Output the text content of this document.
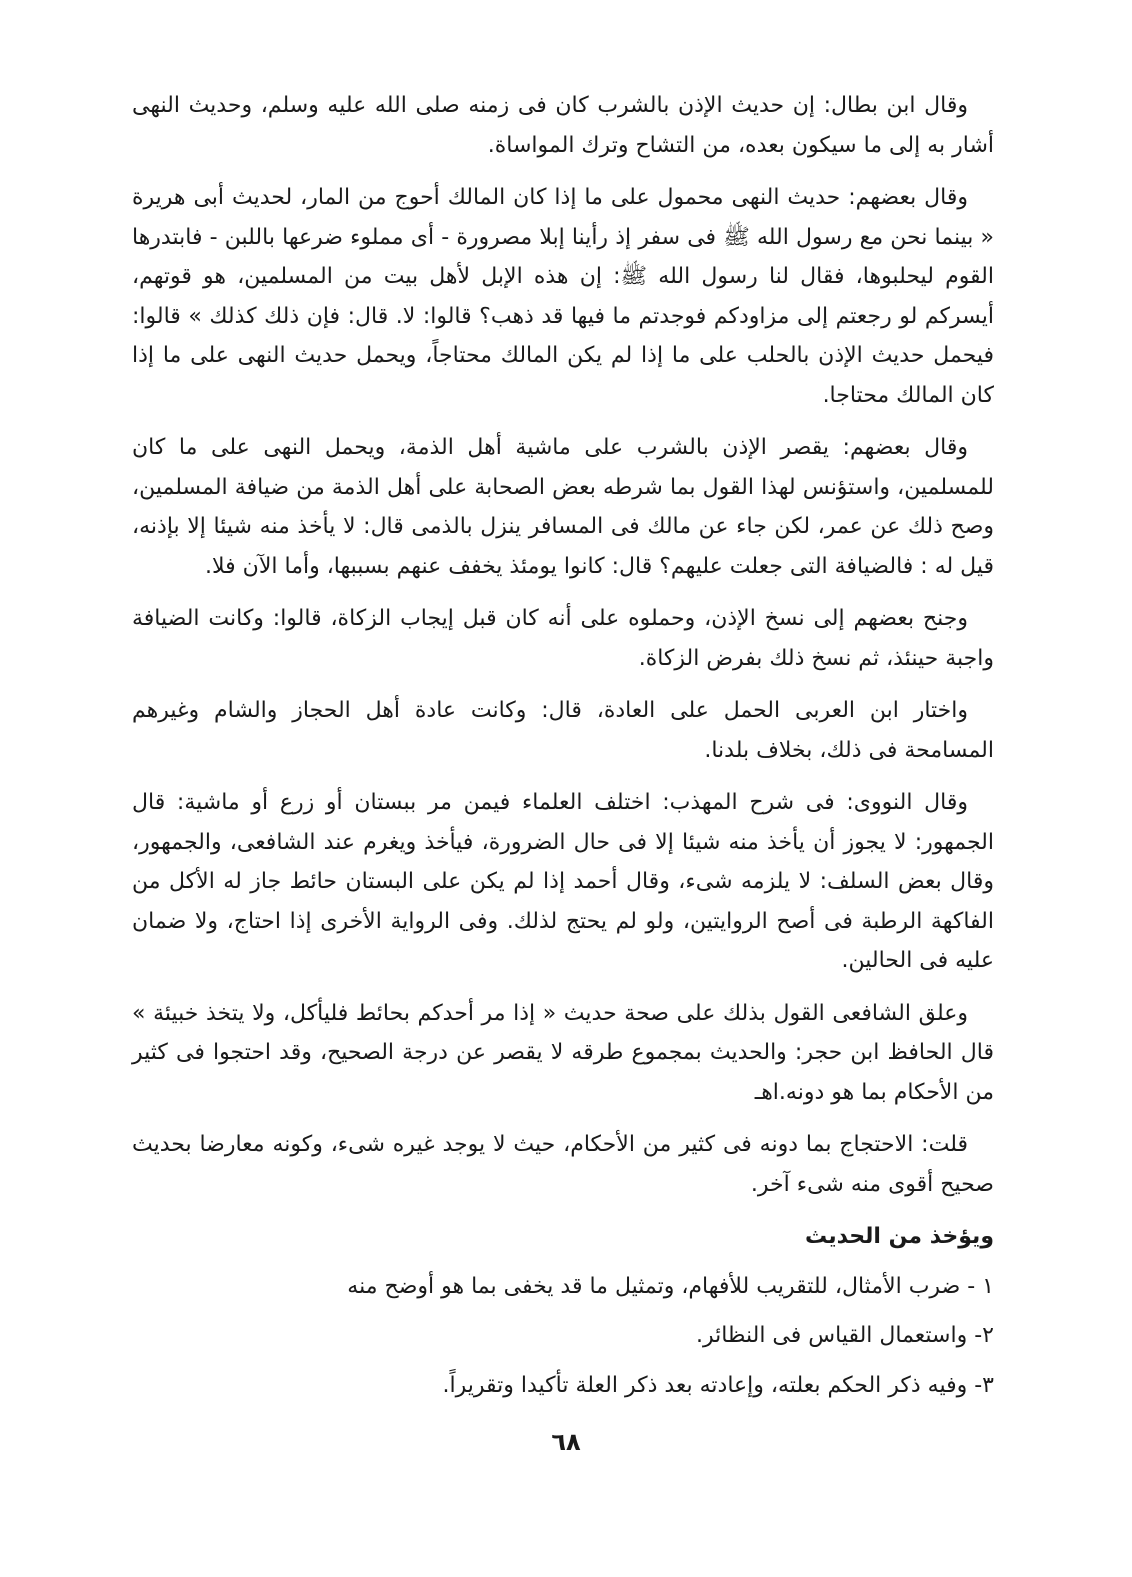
وقال ابن بطال: إن حديث الإذن بالشرب كان فى زمنه صلى الله عليه وسلم، وحديث النهى أشار به إلى ما سيكون بعده، من التشاح وترك المواساة.

وقال بعضهم: حديث النهى محمول على ما إذا كان المالك أحوج من المار، لحديث أبى هريرة « بينما نحن مع رسول الله ﷺ فى سفر إذ رأينا إبلا مصرورة - أى مملوء ضرعها باللبن - فابتدرها القوم ليحلبوها، فقال لنا رسول الله ﷺ: إن هذه الإبل لأهل بيت من المسلمين، هو قوتهم، أيسركم لو رجعتم إلى مزاودكم فوجدتم ما فيها قد ذهب؟ قالوا: لا. قال: فإن ذلك كذلك » قالوا: فيحمل حديث الإذن بالحلب على ما إذا لم يكن المالك محتاجاً، ويحمل حديث النهى على ما إذا كان المالك محتاجا.

وقال بعضهم: يقصر الإذن بالشرب على ماشية أهل الذمة، ويحمل النهى على ما كان للمسلمين، واستؤنس لهذا القول بما شرطه بعض الصحابة على أهل الذمة من ضيافة المسلمين، وصح ذلك عن عمر، لكن جاء عن مالك فى المسافر ينزل بالذمى قال: لا يأخذ منه شيئا إلا بإذنه، قيل له : فالضيافة التى جعلت عليهم؟ قال: كانوا يومئذ يخفف عنهم بسببها، وأما الآن فلا.

وجنح بعضهم إلى نسخ الإذن، وحملوه على أنه كان قبل إيجاب الزكاة، قالوا: وكانت الضيافة واجبة حينئذ، ثم نسخ ذلك بفرض الزكاة.

واختار ابن العربى الحمل على العادة، قال: وكانت عادة أهل الحجاز والشام وغيرهم المسامحة فى ذلك، بخلاف بلدنا.

وقال النووى: فى شرح المهذب: اختلف العلماء فيمن مر ببستان أو زرع أو ماشية: قال الجمهور: لا يجوز أن يأخذ منه شيئا إلا فى حال الضرورة، فيأخذ ويغرم عند الشافعى، والجمهور، وقال بعض السلف: لا يلزمه شىء، وقال أحمد إذا لم يكن على البستان حائط جاز له الأكل من الفاكهة الرطبة فى أصح الروايتين، ولو لم يحتج لذلك. وفى الرواية الأخرى إذا احتاج، ولا ضمان عليه فى الحالين.

وعلق الشافعى القول بذلك على صحة حديث « إذا مر أحدكم بحائط فليأكل، ولا يتخذ خبيئة » قال الحافظ ابن حجر: والحديث بمجموع طرقه لا يقصر عن درجة الصحيح، وقد احتجوا فى كثير من الأحكام بما هو دونه.اهـ

قلت: الاحتجاج بما دونه فى كثير من الأحكام، حيث لا يوجد غيره شىء، وكونه معارضا بحديث صحيح أقوى منه شىء آخر.

ويؤخذ من الحديث
١ - ضرب الأمثال، للتقريب للأفهام، وتمثيل ما قد يخفى بما هو أوضح منه
٢- واستعمال القياس فى النظائر.
٣- وفيه ذكر الحكم بعلته، وإعادته بعد ذكر العلة تأكيدا وتقريراً.
٦٨
